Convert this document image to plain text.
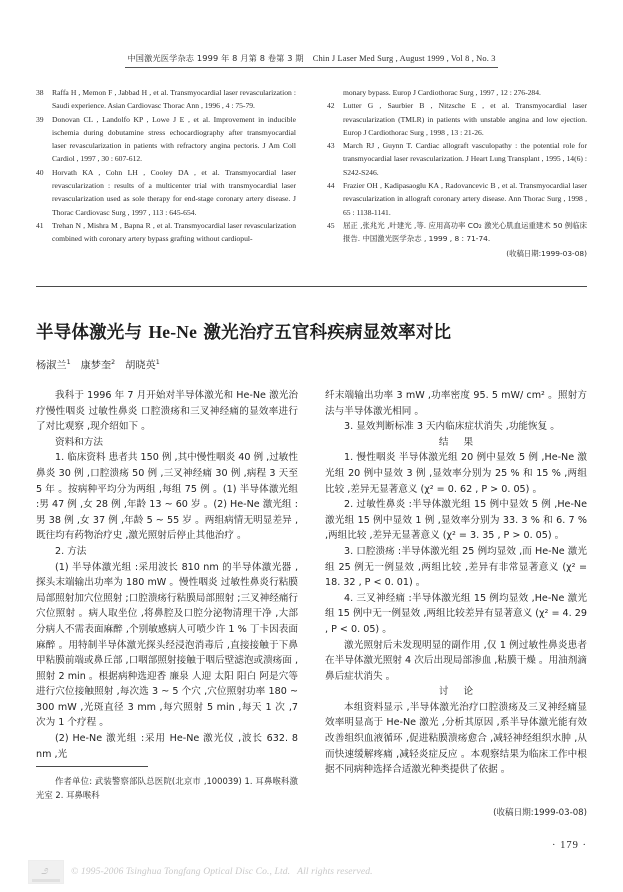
中国激光医学杂志 1999 年 8 月第 8 卷第 3 期 Chin J Laser Med Surg , August 1999 , Vol 8 , No. 3
38	Raffa H , Memon F , Jabbad H , et al. Transmyocardial laser revascularization : Saudi experience. Asian Cardiovasc Thorac Ann , 1996 , 4 : 75-79.
39	Donovan CL , Landolfo KP , Lowe J E , et al. Improvement in inducible ischemia during dobutamine stress echocardiography after transmyocardial laser revascularization in patients with refractory angina pectoris. J Am Coll Cardiol , 1997 , 30 : 607-612.
40	Horvath KA , Cohn LH , Cooley DA , et al. Transmyocardial laser revascularization : results of a multicenter trial with transmyocardial laser revascularization used as sole therapy for end-stage coronary artery disease. J Thorac Cardiovasc Surg , 1997 , 113 : 645-654.
41	Trehan N , Mishra M , Bapna R , et al. Transmyocardial laser revascularization combined with coronary artery bypass grafting without cardiopul-
monary bypass. Europ J Cardiothorac Surg , 1997 , 12 : 276-284.
42	Lutter G , Saurbier B , Nitzsche E , et al. Transmyocardial laser revascularization (TMLR) in patients with unstable angina and low ejection. Europ J Cardiothorac Surg , 1998 , 13 : 21-26.
43	March RJ , Guynn T. Cardiac allograft vasculopathy : the potential role for transmyocardial laser revascularization. J Heart Lung Transplant , 1995 , 14(6) : S242-S246.
44	Frazier OH , Kadipasaoglu KA , Radovancevic B , et al. Transmyocardial laser revascularization in allograft coronary artery disease. Ann Thorac Surg , 1998 , 65 : 1138-1141.
45	屈正 ,张兆光 ,叶建光 ,等. 应用高功率 CO₂ 激光心肌血运重建术 50 例临床报告. 中国激光医学杂志 , 1999 , 8 : 71-74.
(收稿日期:1999-03-08)
半导体激光与 He-Ne 激光治疗五官科疾病显效率对比
杨淑兰$^1$ 康梦奎$^2$ 胡晓英$^1$

我科于 1996 年 7 月开始对半导体激光和 He-Ne 激光治疗慢性咽炎 过敏性鼻炎 口腔溃疡和三叉神经痛的显效率进行了对比观察 ,现介绍如下 。

资料和方法

1. 临床资料 患者共 150 例 ,其中慢性咽炎 40 例 ,过敏性鼻炎 30 例 ,口腔溃疡 50 例 ,三叉神经痛 30 例 ,病程 3 天至 5 年 。按病种平均分为两组 ,每组 75 例 。(1) 半导体激光组 :男 47 例 ,女 28 例 ,年龄 13 ~ 60 岁 。(2) He-Ne 激光组 :男 38 例 ,女 37 例 ,年龄 5 ~ 55 岁 。两组病情无明显差异 ,既往均有药物治疗史 ,激光照射后停止其他治疗 。

2. 方法

(1) 半导体激光组 :采用波长 810 nm 的半导体激光器 ,探头末端输出功率为 180 mW 。慢性咽炎 过敏性鼻炎行粘膜局部照射加穴位照射 ;口腔溃疡行粘膜局部照射 ;三叉神经痛行穴位照射 。病人取坐位 ,将鼻腔及口腔分泌物清理干净 ,大部分病人不需表面麻醉 ,个别敏感病人可喷少许 1 % 丁卡因表面麻醉 。用特制半导体激光探头经浸泡消毒后 ,直接接触于下鼻甲粘膜前端或鼻丘部 ,口咽部照射接触于咽后壁滤泡或溃疡面 ,照射 2 min 。根据病种选迎香 廉泉 人迎 太阳 阳白 阿是穴等进行穴位接触照射 ,每次选 3 ~ 5 个穴 ,穴位照射功率 180 ~ 300 mW ,光斑直径 3 mm ,每穴照射 5 min ,每天 1 次 ,7 次为 1 个疗程 。

(2) He-Ne 激光组 :采用 He-Ne 激光仪 ,波长 632. 8 nm ,光

纤末端输出功率 3 mW ,功率密度 95. 5 mW/ cm² 。照射方法与半导体激光相同 。

3. 显效判断标准 3 天内临床症状消失 ,功能恢复 。

结 果

1. 慢性咽炎 半导体激光组 20 例中显效 5 例 ,He-Ne 激光组 20 例中显效 3 例 ,显效率分别为 25 % 和 15 % ,两组比较 ,差异无显著意义 (χ² = 0. 62 , P > 0. 05) 。

2. 过敏性鼻炎 :半导体激光组 15 例中显效 5 例 ,He-Ne 激光组 15 例中显效 1 例 ,显效率分别为 33. 3 % 和 6. 7 % ,两组比较 ,差异无显著意义 (χ² = 3. 35 , P > 0. 05) 。

3. 口腔溃疡 :半导体激光组 25 例均显效 ,而 He-Ne 激光组 25 例无一例显效 ,两组比较 ,差异有非常显著意义 (χ² = 18. 32 , P < 0. 01) 。

4. 三叉神经痛 :半导体激光组 15 例均显效 ,He-Ne 激光组 15 例中无一例显效 ,两组比较差异有显著意义 (χ² = 4. 29 , P < 0. 05) 。

激光照射后未发现明显的副作用 ,仅 1 例过敏性鼻炎患者在半导体激光照射 4 次后出现局部渗血 ,粘膜干燥 。用油剂滴鼻后症状消失 。

讨 论

本组资料显示 ,半导体激光治疗口腔溃疡及三叉神经痛显效率明显高于 He-Ne 激光 ,分析其原因 ,系半导体激光能有效改善组织血液循环 ,促进粘膜溃疡愈合 ,减轻神经组织水肿 ,从而快速缓解疼痛 ,减轻炎症反应 。本观察结果为临床工作中根据不同病种选择合适激光种类提供了依据 。

(收稿日期:1999-03-08)
作者单位: 武装警察部队总医院(北京市 ,100039) 1. 耳鼻喉科激光室 2. 耳鼻喉科
· 179 ·
೨ © 1995-2006 Tsinghua Tongfang Optical Disc Co., Ltd. All rights reserved.
